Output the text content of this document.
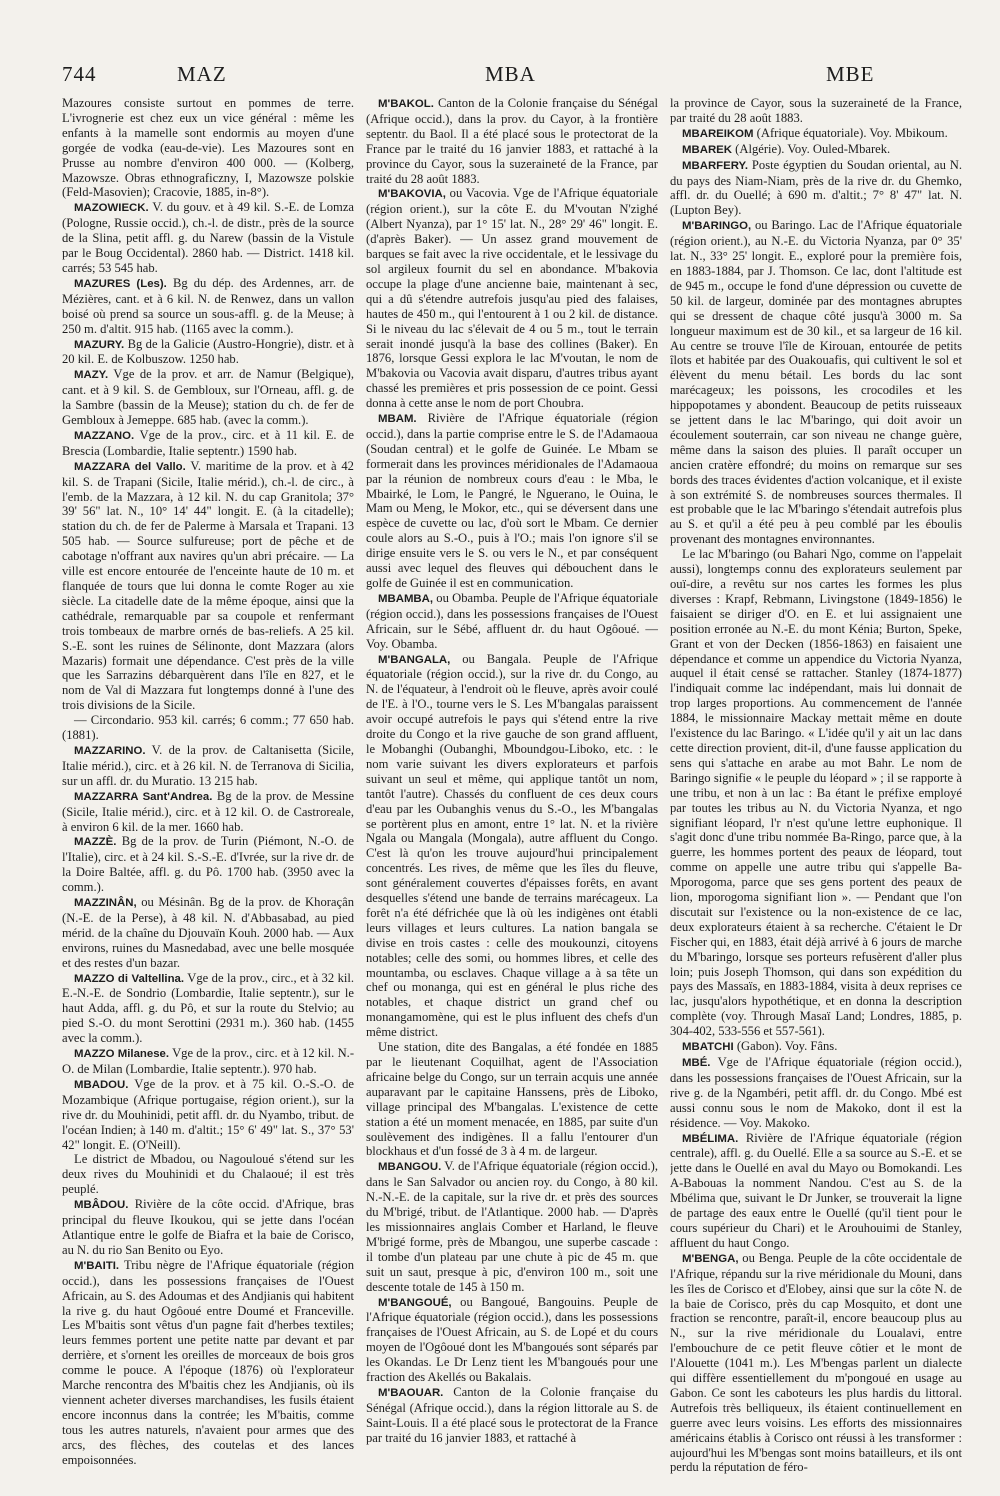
744	MAZ	MBA	MBE

Mazoures consiste surtout en pommes de terre. L'ivrognerie est chez eux un vice général : même les enfants à la mamelle sont endormis au moyen d'une gorgée de vodka (eau-de-vie). Les Mazoures sont en Prusse au nombre d'environ 400 000. — (Kolberg, Mazowsze. Obras ethnograficzny, I, Mazowsze polskie (Feld-Masovien); Cracovie, 1885, in-8°).

MAZOWIECK. V. du gouv. et à 49 kil. S.-E. de Lomza (Pologne, Russie occid.), ch.-l. de distr., près de la source de la Slina, petit affl. g. du Narew (bassin de la Vistule par le Boug Occidental). 2860 hab. — District. 1418 kil. carrés; 53 545 hab.

MAZURES (Les). Bg du dép. des Ardennes, arr. de Mézières, cant. et à 6 kil. N. de Renwez, dans un vallon boisé où prend sa source un sous-affl. g. de la Meuse; à 250 m. d'altit. 915 hab. (1165 avec la comm.).

MAZURY. Bg de la Galicie (Austro-Hongrie), distr. et à 20 kil. E. de Kolbuszow. 1250 hab.

MAZY. Vge de la prov. et arr. de Namur (Belgique), cant. et à 9 kil. S. de Gembloux, sur l'Orneau, affl. g. de la Sambre (bassin de la Meuse); station du ch. de fer de Gembloux à Jemeppe. 685 hab. (avec la comm.).

MAZZANO. Vge de la prov., circ. et à 11 kil. E. de Brescia (Lombardie, Italie septentr.) 1590 hab.

MAZZARA del Vallo. V. maritime de la prov. et à 42 kil. S. de Trapani (Sicile, Italie mérid.), ch.-l. de circ., à l'emb. de la Mazzara, à 12 kil. N. du cap Granitola; 37° 39' 56" lat. N., 10° 14' 44" longit. E. (à la citadelle); station du ch. de fer de Palerme à Marsala et Trapani. 13 505 hab. — Source sulfureuse; port de pêche et de cabotage n'offrant aux navires qu'un abri précaire. — La ville est encore entourée de l'enceinte haute de 10 m. et flanquée de tours que lui donna le comte Roger au xie siècle. La citadelle date de la même époque, ainsi que la cathédrale, remarquable par sa coupole et renfermant trois tombeaux de marbre ornés de bas-reliefs. A 25 kil. S.-E. sont les ruines de Sélinonte, dont Mazzara (alors Mazaris) formait une dépendance. C'est près de la ville que les Sarrazins débarquèrent dans l'île en 827, et le nom de Val di Mazzara fut longtemps donné à l'une des trois divisions de la Sicile.

— Circondario. 953 kil. carrés; 6 comm.; 77 650 hab. (1881).

MAZZARINO. V. de la prov. de Caltanisetta (Sicile, Italie mérid.), circ. et à 26 kil. N. de Terranova di Sicilia, sur un affl. dr. du Muratio. 13 215 hab.

MAZZARRA Sant'Andrea. Bg de la prov. de Messine (Sicile, Italie mérid.), circ. et à 12 kil. O. de Castroreale, à environ 6 kil. de la mer. 1660 hab.

MAZZÈ. Bg de la prov. de Turin (Piémont, N.-O. de l'Italie), circ. et à 24 kil. S.-S.-E. d'Ivrée, sur la rive dr. de la Doire Baltée, affl. g. du Pô. 1700 hab. (3950 avec la comm.).

MAZZINÂN, ou Mésinân. Bg de la prov. de Khoraçân (N.-E. de la Perse), à 48 kil. N. d'Abbasabad, au pied mérid. de la chaîne du Djouvaïn Kouh. 2000 hab. — Aux environs, ruines du Masnedabad, avec une belle mosquée et des restes d'un bazar.

MAZZO di Valtellina. Vge de la prov., circ., et à 32 kil. E.-N.-E. de Sondrio (Lombardie, Italie septentr.), sur le haut Adda, affl. g. du Pô, et sur la route du Stelvio; au pied S.-O. du mont Serottini (2931 m.). 360 hab. (1455 avec la comm.).

MAZZO Milanese. Vge de la prov., circ. et à 12 kil. N.-O. de Milan (Lombardie, Italie septentr.). 970 hab.

MBADOU. Vge de la prov. et à 75 kil. O.-S.-O. de Mozambique (Afrique portugaise, région orient.), sur la rive dr. du Mouhinidi, petit affl. dr. du Nyambo, tribut. de l'océan Indien; à 140 m. d'altit.; 15° 6' 49" lat. S., 37° 53' 42" longit. E. (O'Neill).

Le district de Mbadou, ou Nagouloué s'étend sur les deux rives du Mouhinidi et du Chalaoué; il est très peuplé.

MBÂDOU. Rivière de la côte occid. d'Afrique, bras principal du fleuve Ikoukou, qui se jette dans l'océan Atlantique entre le golfe de Biafra et la baie de Corisco, au N. du rio San Benito ou Eyo.

M'BAITI. Tribu nègre de l'Afrique équatoriale (région occid.), dans les possessions françaises de l'Ouest Africain, au S. des Adoumas et des Andjianis qui habitent la rive g. du haut Ogôoué entre Doumé et Franceville. Les M'baitis sont vêtus d'un pagne fait d'herbes textiles; leurs femmes portent une petite natte par devant et par derrière, et s'ornent les oreilles de morceaux de bois gros comme le pouce. A l'époque (1876) où l'explorateur Marche rencontra des M'baitis chez les Andjianis, où ils viennent acheter diverses marchandises, les fusils étaient encore inconnus dans la contrée; les M'baitis, comme tous les autres naturels, n'avaient pour armes que des arcs, des flèches, des coutelas et des lances empoisonnées.

M'BAKOL. Canton de la Colonie française du Sénégal (Afrique occid.), dans la prov. du Cayor, à la frontière septentr. du Baol. Il a été placé sous le protectorat de la France par le traité du 16 janvier 1883, et rattaché à la province du Cayor, sous la suzeraineté de la France, par traité du 28 août 1883.

M'BAKOVIA, ou Vacovia. Vge de l'Afrique équatoriale (région orient.), sur la côte E. du M'voutan N'zighé (Albert Nyanza), par 1° 15' lat. N., 28° 29' 46" longit. E. (d'après Baker). — Un assez grand mouvement de barques se fait avec la rive occidentale, et le lessivage du sol argileux fournit du sel en abondance. M'bakovia occupe la plage d'une ancienne baie, maintenant à sec, qui a dû s'étendre autrefois jusqu'au pied des falaises, hautes de 450 m., qui l'entourent à 1 ou 2 kil. de distance. Si le niveau du lac s'élevait de 4 ou 5 m., tout le terrain serait inondé jusqu'à la base des collines (Baker). En 1876, lorsque Gessi explora le lac M'voutan, le nom de M'bakovia ou Vacovia avait disparu, d'autres tribus ayant chassé les premières et pris possession de ce point. Gessi donna à cette anse le nom de port Choubra.

MBAM. Rivière de l'Afrique équatoriale (région occid.), dans la partie comprise entre le S. de l'Adamaoua (Soudan central) et le golfe de Guinée. Le Mbam se formerait dans les provinces méridionales de l'Adamaoua par la réunion de nombreux cours d'eau : le Mba, le Mbairké, le Lom, le Pangré, le Nguerano, le Ouina, le Mam ou Meng, le Mokor, etc., qui se déversent dans une espèce de cuvette ou lac, d'où sort le Mbam. Ce dernier coule alors au S.-O., puis à l'O.; mais l'on ignore s'il se dirige ensuite vers le S. ou vers le N., et par conséquent aussi avec lequel des fleuves qui débouchent dans le golfe de Guinée il est en communication.

MBAMBA, ou Obamba. Peuple de l'Afrique équatoriale (région occid.), dans les possessions françaises de l'Ouest Africain, sur le Sébé, affluent dr. du haut Ogôoué. — Voy. Obamba.

M'BANGALA, ou Bangala. Peuple de l'Afrique équatoriale (région occid.), sur la rive dr. du Congo, au N. de l'équateur, à l'endroit où le fleuve, après avoir coulé de l'E. à l'O., tourne vers le S. Les M'bangalas paraissent avoir occupé autrefois le pays qui s'étend entre la rive droite du Congo et la rive gauche de son grand affluent, le Mobanghi (Oubanghi, Mboundgou-Liboko, etc. : le nom varie suivant les divers explorateurs et parfois suivant un seul et même, qui applique tantôt un nom, tantôt l'autre). Chassés du confluent de ces deux cours d'eau par les Oubanghis venus du S.-O., les M'bangalas se portèrent plus en amont, entre 1° lat. N. et la rivière Ngala ou Mangala (Mongala), autre affluent du Congo. C'est là qu'on les trouve aujourd'hui principalement concentrés. Les rives, de même que les îles du fleuve, sont généralement couvertes d'épaisses forêts, en avant desquelles s'étend une bande de terrains marécageux. La forêt n'a été défrichée que là où les indigènes ont établi leurs villages et leurs cultures. La nation bangala se divise en trois castes : celle des moukounzi, citoyens notables; celle des somi, ou hommes libres, et celle des mountamba, ou esclaves. Chaque village a à sa tête un chef ou monanga, qui est en général le plus riche des notables, et chaque district un grand chef ou monangamomène, qui est le plus influent des chefs d'un même district.

Une station, dite des Bangalas, a été fondée en 1885 par le lieutenant Coquilhat, agent de l'Association africaine belge du Congo, sur un terrain acquis une année auparavant par le capitaine Hanssens, près de Liboko, village principal des M'bangalas. L'existence de cette station a été un moment menacée, en 1885, par suite d'un soulèvement des indigènes. Il a fallu l'entourer d'un blockhaus et d'un fossé de 3 à 4 m. de largeur.

MBANGOU. V. de l'Afrique équatoriale (région occid.), dans le San Salvador ou ancien roy. du Congo, à 80 kil. N.-N.-E. de la capitale, sur la rive dr. et près des sources du M'brigé, tribut. de l'Atlantique. 2000 hab. — D'après les missionnaires anglais Comber et Harland, le fleuve M'brigé forme, près de Mbangou, une superbe cascade : il tombe d'un plateau par une chute à pic de 45 m. que suit un saut, presque à pic, d'environ 100 m., soit une descente totale de 145 à 150 m.

M'BANGOUÉ, ou Bangoué, Bangouins. Peuple de l'Afrique équatoriale (région occid.), dans les possessions françaises de l'Ouest Africain, au S. de Lopé et du cours moyen de l'Ogôoué dont les M'bangoués sont séparés par les Okandas. Le Dr Lenz tient les M'bangoués pour une fraction des Akellés ou Bakalais.

M'BAOUAR. Canton de la Colonie française du Sénégal (Afrique occid.), dans la région littorale au S. de Saint-Louis. Il a été placé sous le protectorat de la France par traité du 16 janvier 1883, et rattaché à

la province de Cayor, sous la suzeraineté de la France, par traité du 28 août 1883.

MBAREIKOM (Afrique équatoriale). Voy. Mbikoum.

MBAREK (Algérie). Voy. Ouled-Mbarek.

MBARFERY. Poste égyptien du Soudan oriental, au N. du pays des Niam-Niam, près de la rive dr. du Ghemko, affl. dr. du Ouellé; à 690 m. d'altit.; 7° 8' 47" lat. N. (Lupton Bey).

M'BARINGO, ou Baringo. Lac de l'Afrique équatoriale (région orient.), au N.-E. du Victoria Nyanza, par 0° 35' lat. N., 33° 25' longit. E., exploré pour la première fois, en 1883-1884, par J. Thomson. Ce lac, dont l'altitude est de 945 m., occupe le fond d'une dépression ou cuvette de 50 kil. de largeur, dominée par des montagnes abruptes qui se dressent de chaque côté jusqu'à 3000 m. Sa longueur maximum est de 30 kil., et sa largeur de 16 kil. Au centre se trouve l'île de Kirouan, entourée de petits îlots et habitée par des Ouakouafis, qui cultivent le sol et élèvent du menu bétail. Les bords du lac sont marécageux; les poissons, les crocodiles et les hippopotames y abondent. Beaucoup de petits ruisseaux se jettent dans le lac M'baringo, qui doit avoir un écoulement souterrain, car son niveau ne change guère, même dans la saison des pluies. Il paraît occuper un ancien cratère effondré; du moins on remarque sur ses bords des traces évidentes d'action volcanique, et il existe à son extrémité S. de nombreuses sources thermales. Il est probable que le lac M'baringo s'étendait autrefois plus au S. et qu'il a été peu à peu comblé par les éboulis provenant des montagnes environnantes.

Le lac M'baringo (ou Bahari Ngo, comme on l'appelait aussi), longtemps connu des explorateurs seulement par ouï-dire, a revêtu sur nos cartes les formes les plus diverses : Krapf, Rebmann, Livingstone (1849-1856) le faisaient se diriger d'O. en E. et lui assignaient une position erronée au N.-E. du mont Kénia; Burton, Speke, Grant et von der Decken (1856-1863) en faisaient une dépendance et comme un appendice du Victoria Nyanza, auquel il était censé se rattacher. Stanley (1874-1877) l'indiquait comme lac indépendant, mais lui donnait de trop larges proportions. Au commencement de l'année 1884, le missionnaire Mackay mettait même en doute l'existence du lac Baringo. « L'idée qu'il y ait un lac dans cette direction provient, dit-il, d'une fausse application du sens qui s'attache en arabe au mot Bahr. Le nom de Baringo signifie « le peuple du léopard » ; il se rapporte à une tribu, et non à un lac : Ba étant le préfixe employé par toutes les tribus au N. du Victoria Nyanza, et ngo signifiant léopard, l'r n'est qu'une lettre euphonique. Il s'agit donc d'une tribu nommée Ba-Ringo, parce que, à la guerre, les hommes portent des peaux de léopard, tout comme on appelle une autre tribu qui s'appelle Ba-Mporogoma, parce que ses gens portent des peaux de lion, mporogoma signifiant lion ». — Pendant que l'on discutait sur l'existence ou la non-existence de ce lac, deux explorateurs étaient à sa recherche. C'étaient le Dr Fischer qui, en 1883, était déjà arrivé à 6 jours de marche du M'baringo, lorsque ses porteurs refusèrent d'aller plus loin; puis Joseph Thomson, qui dans son expédition du pays des Massaïs, en 1883-1884, visita à deux reprises ce lac, jusqu'alors hypothétique, et en donna la description complète (voy. Through Masaï Land; Londres, 1885, p. 304-402, 533-556 et 557-561).

MBATCHI (Gabon). Voy. Fâns.

MBÉ. Vge de l'Afrique équatoriale (région occid.), dans les possessions françaises de l'Ouest Africain, sur la rive g. de la Ngambéri, petit affl. dr. du Congo. Mbé est aussi connu sous le nom de Makoko, dont il est la résidence. — Voy. Makoko.

MBÉLIMA. Rivière de l'Afrique équatoriale (région centrale), affl. g. du Ouellé. Elle a sa source au S.-E. et se jette dans le Ouellé en aval du Mayo ou Bomokandi. Les A-Babouas la nomment Nandou. C'est au S. de la Mbélima que, suivant le Dr Junker, se trouverait la ligne de partage des eaux entre le Ouellé (qu'il tient pour le cours supérieur du Chari) et le Arouhouimi de Stanley, affluent du haut Congo.

M'BENGA, ou Benga. Peuple de la côte occidentale de l'Afrique, répandu sur la rive méridionale du Mouni, dans les îles de Corisco et d'Elobey, ainsi que sur la côte N. de la baie de Corisco, près du cap Mosquito, et dont une fraction se rencontre, paraît-il, encore beaucoup plus au N., sur la rive méridionale du Loualavi, entre l'embouchure de ce petit fleuve côtier et le mont de l'Alouette (1041 m.). Les M'bengas parlent un dialecte qui diffère essentiellement du m'pongoué en usage au Gabon. Ce sont les caboteurs les plus hardis du littoral. Autrefois très belliqueux, ils étaient continuellement en guerre avec leurs voisins. Les efforts des missionnaires américains établis à Corisco ont réussi à les transformer : aujourd'hui les M'bengas sont moins batailleurs, et ils ont perdu la réputation de féro-
